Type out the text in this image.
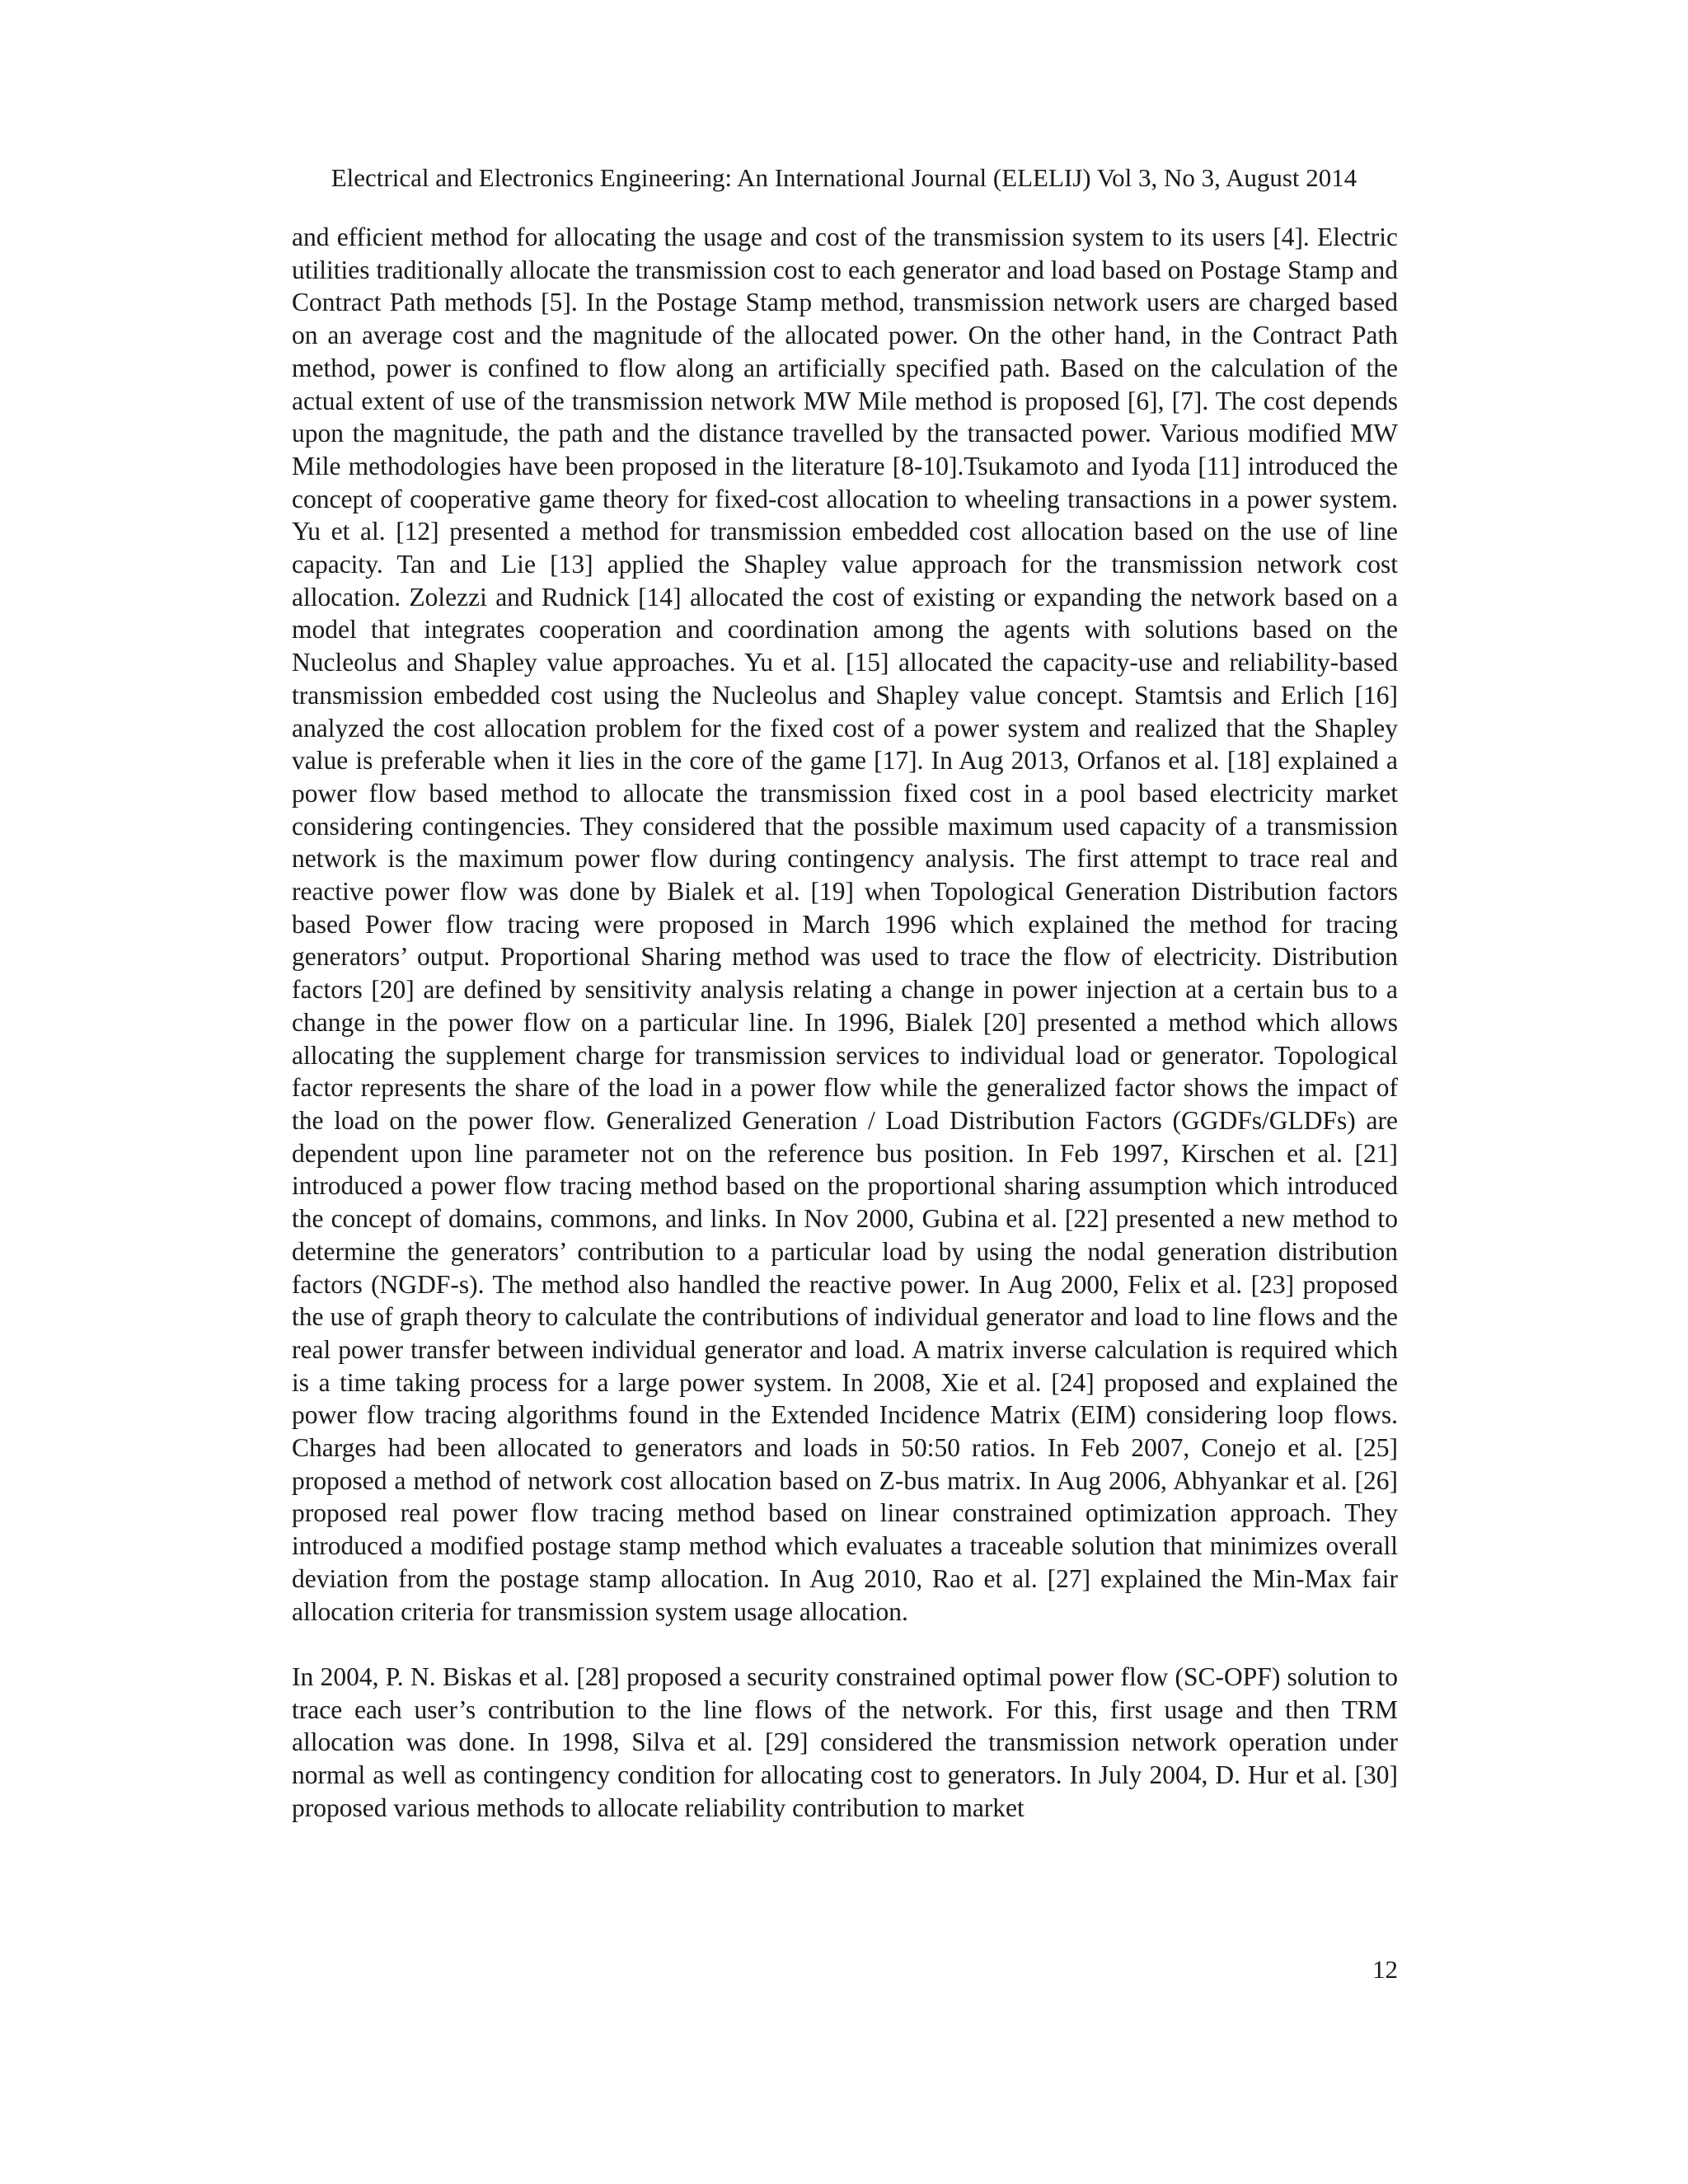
Electrical and Electronics Engineering: An International Journal (ELELIJ) Vol 3, No 3, August 2014

and efficient method for allocating the usage and cost of the transmission system to its users [4]. Electric utilities traditionally allocate the transmission cost to each generator and load based on Postage Stamp and Contract Path methods [5]. In the Postage Stamp method, transmission network users are charged based on an average cost and the magnitude of the allocated power. On the other hand, in the Contract Path method, power is confined to flow along an artificially specified path. Based on the calculation of the actual extent of use of the transmission network MW Mile method is proposed [6], [7]. The cost depends upon the magnitude, the path and the distance travelled by the transacted power. Various modified MW Mile methodologies have been proposed in the literature [8-10].Tsukamoto and Iyoda [11] introduced the concept of cooperative game theory for fixed-cost allocation to wheeling transactions in a power system. Yu et al. [12] presented a method for transmission embedded cost allocation based on the use of line capacity. Tan and Lie [13] applied the Shapley value approach for the transmission network cost allocation. Zolezzi and Rudnick [14] allocated the cost of existing or expanding the network based on a model that integrates cooperation and coordination among the agents with solutions based on the Nucleolus and Shapley value approaches. Yu et al. [15] allocated the capacity-use and reliability-based transmission embedded cost using the Nucleolus and Shapley value concept. Stamtsis and Erlich [16] analyzed the cost allocation problem for the fixed cost of a power system and realized that the Shapley value is preferable when it lies in the core of the game [17]. In Aug 2013, Orfanos et al. [18] explained a power flow based method to allocate the transmission fixed cost in a pool based electricity market considering contingencies. They considered that the possible maximum used capacity of a transmission network is the maximum power flow during contingency analysis. The first attempt to trace real and reactive power flow was done by Bialek et al. [19] when Topological Generation Distribution factors based Power flow tracing were proposed in March 1996 which explained the method for tracing generators’ output. Proportional Sharing method was used to trace the flow of electricity. Distribution factors [20] are defined by sensitivity analysis relating a change in power injection at a certain bus to a change in the power flow on a particular line. In 1996, Bialek [20] presented a method which allows allocating the supplement charge for transmission services to individual load or generator. Topological factor represents the share of the load in a power flow while the generalized factor shows the impact of the load on the power flow. Generalized Generation / Load Distribution Factors (GGDFs/GLDFs) are dependent upon line parameter not on the reference bus position. In Feb 1997, Kirschen et al. [21] introduced a power flow tracing method based on the proportional sharing assumption which introduced the concept of domains, commons, and links. In Nov 2000, Gubina et al. [22] presented a new method to determine the generators’ contribution to a particular load by using the nodal generation distribution factors (NGDF-s). The method also handled the reactive power. In Aug 2000, Felix et al. [23] proposed the use of graph theory to calculate the contributions of individual generator and load to line flows and the real power transfer between individual generator and load. A matrix inverse calculation is required which is a time taking process for a large power system. In 2008, Xie et al. [24] proposed and explained the power flow tracing algorithms found in the Extended Incidence Matrix (EIM) considering loop flows. Charges had been allocated to generators and loads in 50:50 ratios. In Feb 2007, Conejo et al. [25] proposed a method of network cost allocation based on Z-bus matrix. In Aug 2006, Abhyankar et al. [26] proposed real power flow tracing method based on linear constrained optimization approach. They introduced a modified postage stamp method which evaluates a traceable solution that minimizes overall deviation from the postage stamp allocation. In Aug 2010, Rao et al. [27] explained the Min-Max fair allocation criteria for transmission system usage allocation.

In 2004, P. N. Biskas et al. [28] proposed a security constrained optimal power flow (SC-OPF) solution to trace each user’s contribution to the line flows of the network. For this, first usage and then TRM allocation was done. In 1998, Silva et al. [29] considered the transmission network operation under normal as well as contingency condition for allocating cost to generators. In July 2004, D. Hur et al. [30] proposed various methods to allocate reliability contribution to market

12
